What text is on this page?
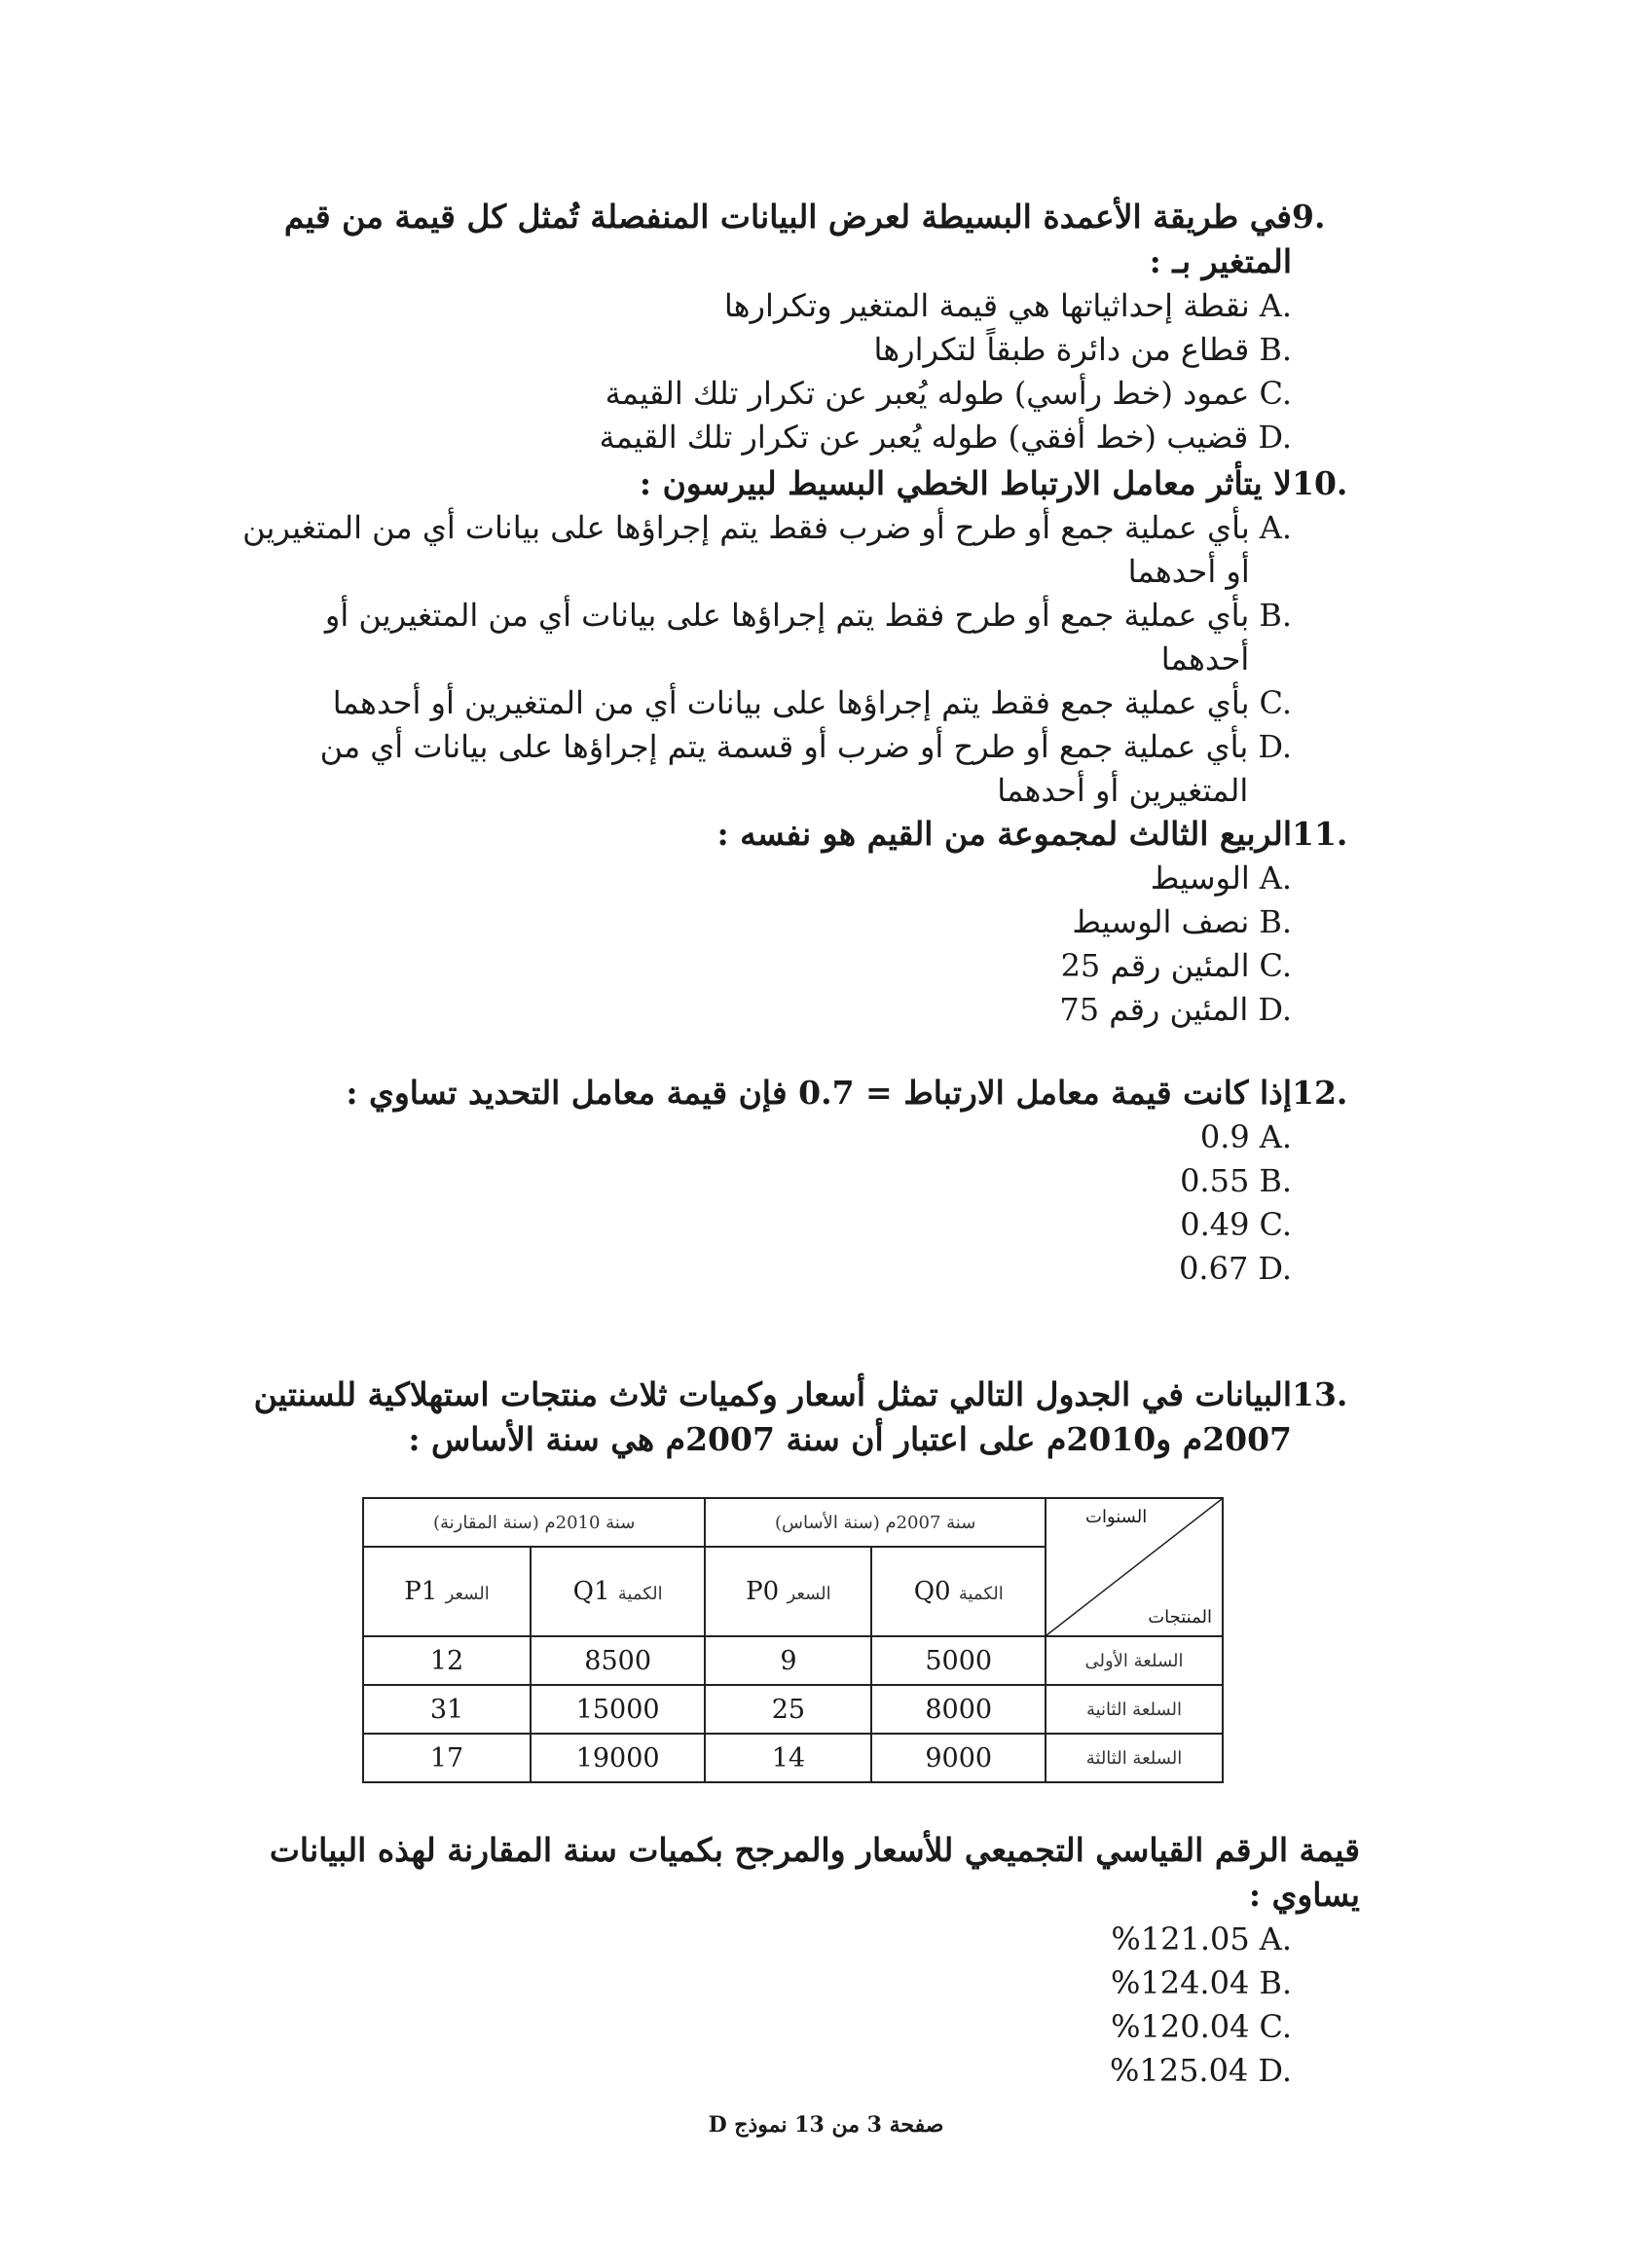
9.
في طريقة الأعمدة البسيطة لعرض البيانات المنفصلة تُمثل كل قيمة من قيم المتغير بـ :
A.
نقطة إحداثياتها هي قيمة المتغير وتكرارها
B.
قطاع من دائرة طبقاً لتكرارها
C.
عمود (خط رأسي) طوله يُعبر عن تكرار تلك القيمة
D.
قضيب (خط أفقي) طوله يُعبر عن تكرار تلك القيمة
10.
لا يتأثر معامل الارتباط الخطي البسيط لبيرسون :
A.
بأي عملية جمع أو طرح أو ضرب فقط يتم إجراؤها على بيانات أي من المتغيرين أو أحدهما
B.
بأي عملية جمع أو طرح فقط يتم إجراؤها على بيانات أي من المتغيرين أو أحدهما
C.
بأي عملية جمع فقط يتم إجراؤها على بيانات أي من المتغيرين أو أحدهما
D.
بأي عملية جمع أو طرح أو ضرب أو قسمة يتم إجراؤها على بيانات أي من المتغيرين أو أحدهما
11.
الربيع الثالث لمجموعة من القيم هو نفسه :
A.
الوسيط
B.
نصف الوسيط
C.
المئين رقم 25
D.
المئين رقم 75
12.
إذا كانت قيمة معامل الارتباط = 0.7 فإن قيمة معامل التحديد تساوي :
A.
0.9
B.
0.55
C.
0.49
D.
0.67
13.
البيانات في الجدول التالي تمثل أسعار وكميات ثلاث منتجات استهلاكية للسنتين 2007م و2010م على اعتبار أن سنة 2007م هي سنة الأساس :
السنوات
المنتجات	سنة 2007م (سنة الأساس)		سنة 2010م (سنة المقارنة)	
	الكمية Q0	السعر P0	الكمية Q1	السعر P1
السلعة الأولى	5000	9	8500	12
السلعة الثانية	8000	25	15000	31
السلعة الثالثة	9000	14	19000	17
قيمة الرقم القياسي التجميعي للأسعار والمرجح بكميات سنة المقارنة لهذه البيانات يساوي :
A.
%121.05
B.
%124.04
C.
%120.04
D.
%125.04
صفحة 3 من 13 نموذج D
